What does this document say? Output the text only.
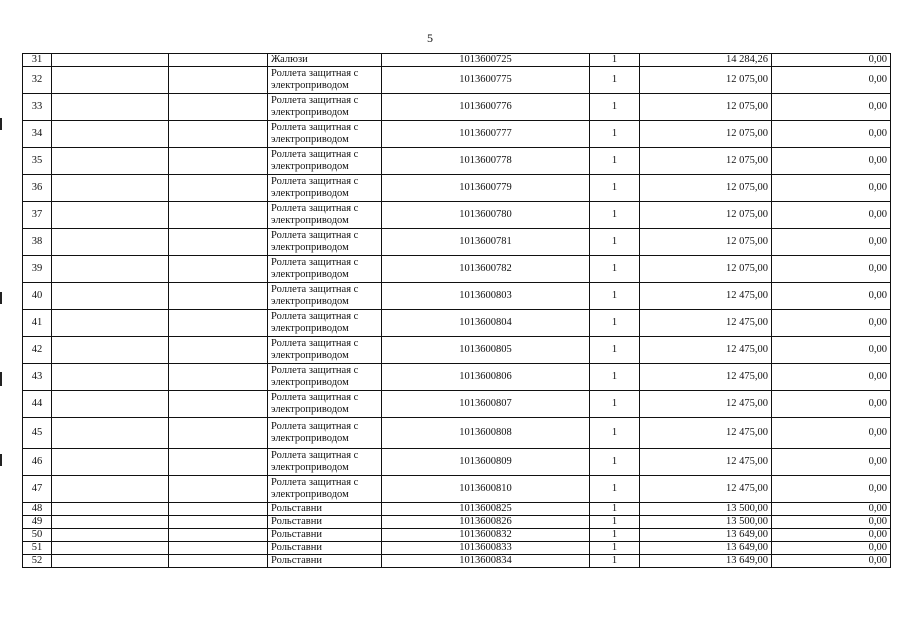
5
31			Жалюзи	1013600725	1	14 284,26	0,00
32			Роллета защитная с электроприводом	1013600775	1	12 075,00	0,00
33			Роллета защитная с электроприводом	1013600776	1	12 075,00	0,00
34			Роллета защитная с электроприводом	1013600777	1	12 075,00	0,00
35			Роллета защитная с электроприводом	1013600778	1	12 075,00	0,00
36			Роллета защитная с электроприводом	1013600779	1	12 075,00	0,00
37			Роллета защитная с электроприводом	1013600780	1	12 075,00	0,00
38			Роллета защитная с электроприводом	1013600781	1	12 075,00	0,00
39			Роллета защитная с электроприводом	1013600782	1	12 075,00	0,00
40			Роллета защитная с электроприводом	1013600803	1	12 475,00	0,00
41			Роллета защитная с электроприводом	1013600804	1	12 475,00	0,00
42			Роллета защитная с электроприводом	1013600805	1	12 475,00	0,00
43			Роллета защитная с электроприводом	1013600806	1	12 475,00	0,00
44			Роллета защитная с электроприводом	1013600807	1	12 475,00	0,00
45			Роллета защитная с электроприводом	1013600808	1	12 475,00	0,00
46			Роллета защитная с электроприводом	1013600809	1	12 475,00	0,00
47			Роллета защитная с электроприводом	1013600810	1	12 475,00	0,00
48			Рольставни	1013600825	1	13 500,00	0,00
49			Рольставни	1013600826	1	13 500,00	0,00
50			Рольставни	1013600832	1	13 649,00	0,00
51			Рольставни	1013600833	1	13 649,00	0,00
52			Рольставни	1013600834	1	13 649,00	0,00
